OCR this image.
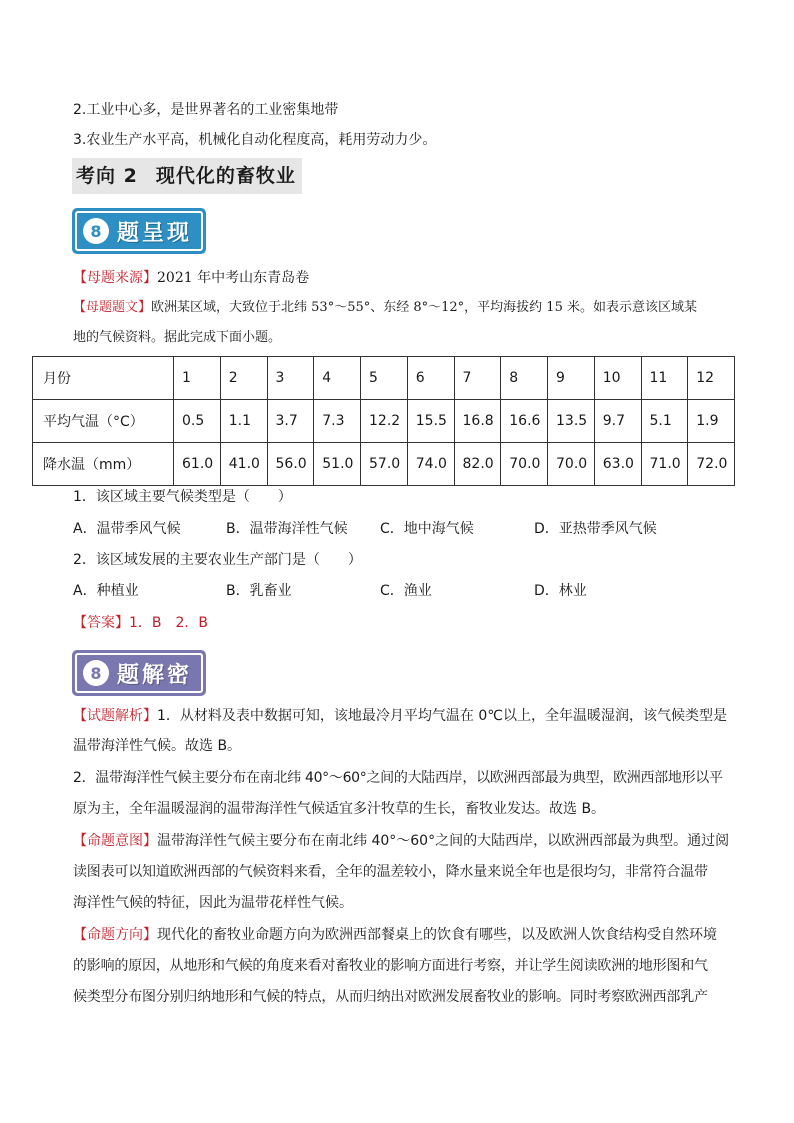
2.工业中心多，是世界著名的工业密集地带
3.农业生产水平高，机械化自动化程度高，耗用劳动力少。
考向 2 现代化的畜牧业
8 题呈现
【母题来源】2021 年中考山东青岛卷
【母题题文】欧洲某区域，大致位于北纬 53°～55°、东经 8°～12°，平均海拔约 15 米。如表示意该区域某
地的气候资料。据此完成下面小题。
月份	1	2	3	4	5	6	7	8	9	10	11	12
平均气温（°C）	0.5	1.1	3.7	7.3	12.2	15.5	16.8	16.6	13.5	9.7	5.1	1.9
降水温（mm）	61.0	41.0	56.0	51.0	57.0	74.0	82.0	70.0	70.0	63.0	71.0	72.0
1．该区域主要气候类型是（　　）
A．温带季风气候	B．温带海洋性气候 C．地中海气候	D．亚热带季风气候
2．该区域发展的主要农业生产部门是（　　）
A．种植业	B．乳畜业	C．渔业	D．林业
【答案】1．B　2．B
8 题解密
【试题解析】1．从材料及表中数据可知，该地最冷月平均气温在 0℃以上，全年温暖湿润，该气候类型是
温带海洋性气候。故选 B。
2．温带海洋性气候主要分布在南北纬 40°～60°之间的大陆西岸，以欧洲西部最为典型，欧洲西部地形以平
原为主，全年温暖湿润的温带海洋性气候适宜多汁牧草的生长，畜牧业发达。故选 B。
【命题意图】温带海洋性气候主要分布在南北纬 40°～60°之间的大陆西岸，以欧洲西部最为典型。通过阅
读图表可以知道欧洲西部的气候资料来看，全年的温差较小，降水量来说全年也是很均匀，非常符合温带
海洋性气候的特征，因此为温带花样性气候。
【命题方向】现代化的畜牧业命题方向为欧洲西部餐桌上的饮食有哪些，以及欧洲人饮食结构受自然环境
的影响的原因，从地形和气候的角度来看对畜牧业的影响方面进行考察，并让学生阅读欧洲的地形图和气
候类型分布图分别归纳地形和气候的特点，从而归纳出对欧洲发展畜牧业的影响。同时考察欧洲西部乳产
